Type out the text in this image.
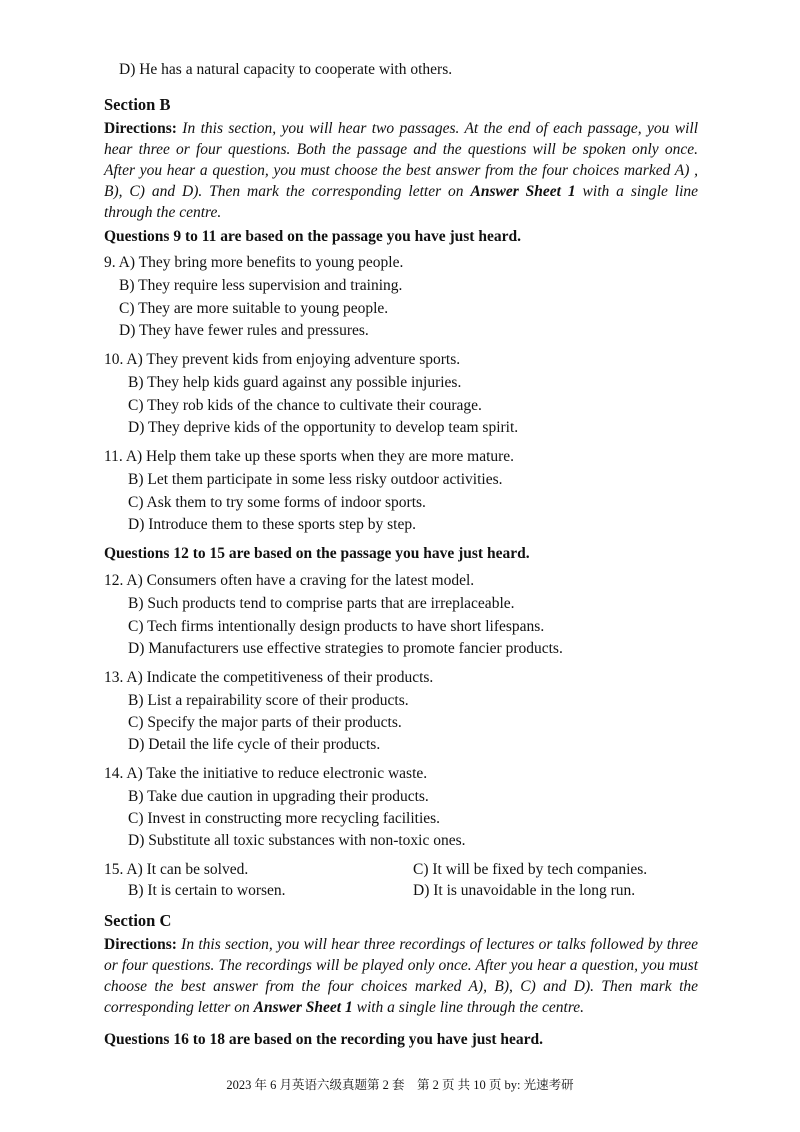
D) He has a natural capacity to cooperate with others.
Section B
Directions: In this section, you will hear two passages. At the end of each passage, you will hear three or four questions. Both the passage and the questions will be spoken only once. After you hear a question, you must choose the best answer from the four choices marked A) , B), C) and D). Then mark the corresponding letter on Answer Sheet 1 with a single line through the centre.
Questions 9 to 11 are based on the passage you have just heard.
9. A) They bring more benefits to young people.
B) They require less supervision and training.
C) They are more suitable to young people.
D) They have fewer rules and pressures.
10. A) They prevent kids from enjoying adventure sports.
B) They help kids guard against any possible injuries.
C) They rob kids of the chance to cultivate their courage.
D) They deprive kids of the opportunity to develop team spirit.
11. A) Help them take up these sports when they are more mature.
B) Let them participate in some less risky outdoor activities.
C) Ask them to try some forms of indoor sports.
D) Introduce them to these sports step by step.
Questions 12 to 15 are based on the passage you have just heard.
12. A) Consumers often have a craving for the latest model.
B) Such products tend to comprise parts that are irreplaceable.
C) Tech firms intentionally design products to have short lifespans.
D) Manufacturers use effective strategies to promote fancier products.
13. A) Indicate the competitiveness of their products.
B) List a repairability score of their products.
C) Specify the major parts of their products.
D) Detail the life cycle of their products.
14. A) Take the initiative to reduce electronic waste.
B) Take due caution in upgrading their products.
C) Invest in constructing more recycling facilities.
D) Substitute all toxic substances with non-toxic ones.
15. A) It can be solved.	C) It will be fixed by tech companies.
B) It is certain to worsen.	D) It is unavoidable in the long run.
Section C
Directions: In this section, you will hear three recordings of lectures or talks followed by three or four questions. The recordings will be played only once. After you hear a question, you must choose the best answer from the four choices marked A), B), C) and D). Then mark the corresponding letter on Answer Sheet 1 with a single line through the centre.
Questions 16 to 18 are based on the recording you have just heard.
2023 年 6 月英语六级真题第 2 套　第 2 页 共 10 页 by: 光速考研
